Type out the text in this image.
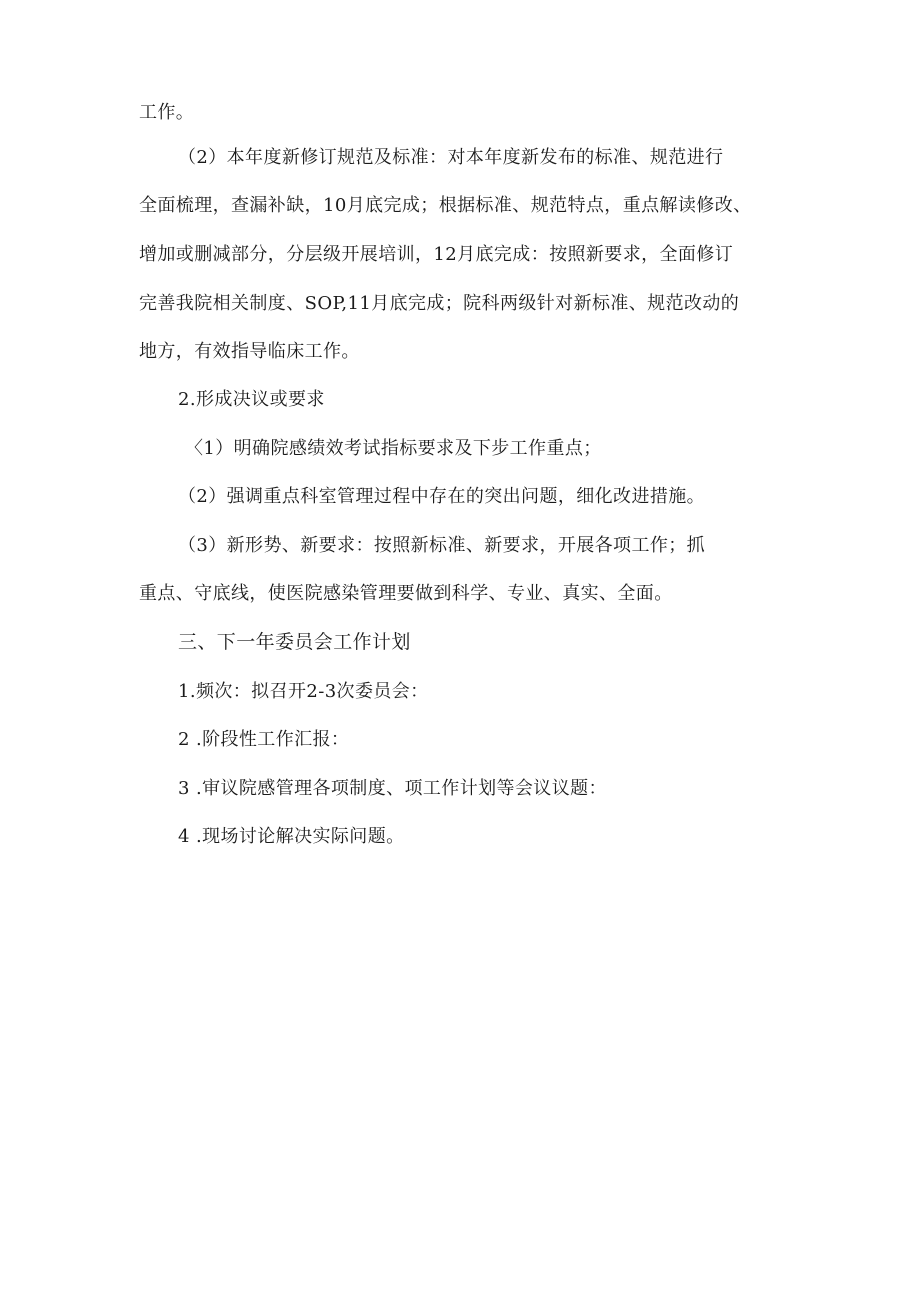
工作。
（2）本年度新修订规范及标准：对本年度新发布的标准、规范进行
全面梳理，查漏补缺，10月底完成；根据标准、规范特点，重点解读修改、
增加或删减部分，分层级开展培训，12月底完成：按照新要求，全面修订
完善我院相关制度、SOP,11月底完成；院科两级针对新标准、规范改动的
地方，有效指导临床工作。
2.形成决议或要求
〈1）明确院感绩效考试指标要求及下步工作重点；
（2）强调重点科室管理过程中存在的突出问题，细化改进措施。
（3）新形势、新要求：按照新标准、新要求，开展各项工作；抓
重点、守底线，使医院感染管理要做到科学、专业、真实、全面。
三、下一年委员会工作计划
1.频次：拟召开2-3次委员会：
2 .阶段性工作汇报：
3 .审议院感管理各项制度、项工作计划等会议议题：
4 .现场讨论解决实际问题。
